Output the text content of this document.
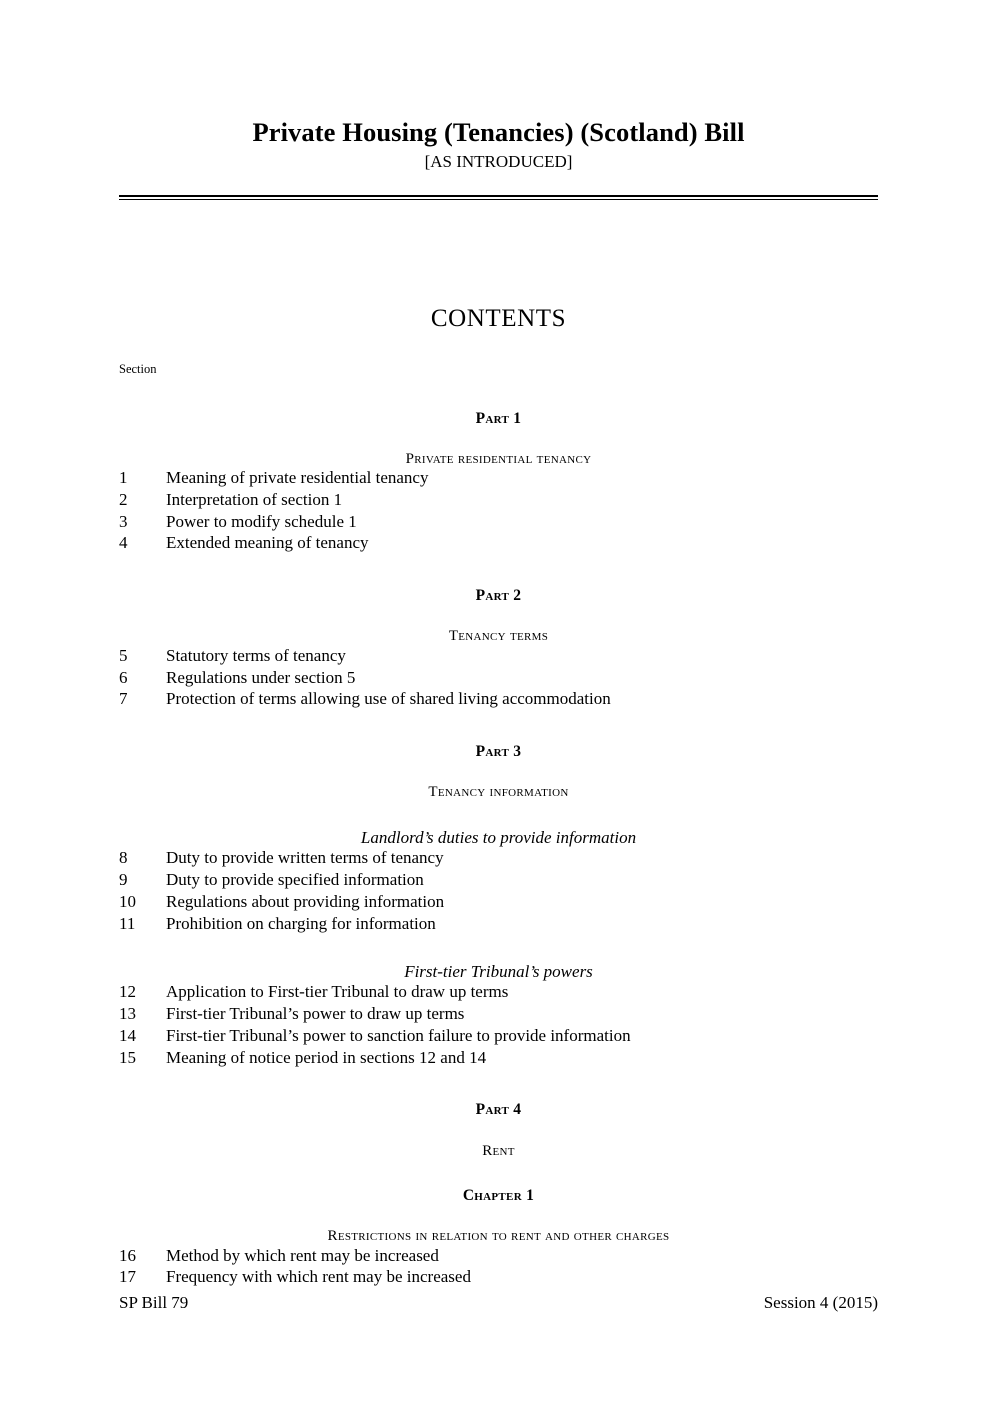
Private Housing (Tenancies) (Scotland) Bill
[AS INTRODUCED]
CONTENTS
Section
Part 1
Private residential tenancy
1	Meaning of private residential tenancy
2	Interpretation of section 1
3	Power to modify schedule 1
4	Extended meaning of tenancy
Part 2
Tenancy terms
5	Statutory terms of tenancy
6	Regulations under section 5
7	Protection of terms allowing use of shared living accommodation
Part 3
Tenancy information
Landlord’s duties to provide information
8	Duty to provide written terms of tenancy
9	Duty to provide specified information
10	Regulations about providing information
11	Prohibition on charging for information
First-tier Tribunal’s powers
12	Application to First-tier Tribunal to draw up terms
13	First-tier Tribunal’s power to draw up terms
14	First-tier Tribunal’s power to sanction failure to provide information
15	Meaning of notice period in sections 12 and 14
Part 4
Rent
Chapter 1
Restrictions in relation to rent and other charges
16	Method by which rent may be increased
17	Frequency with which rent may be increased
SP Bill 79	Session 4 (2015)
